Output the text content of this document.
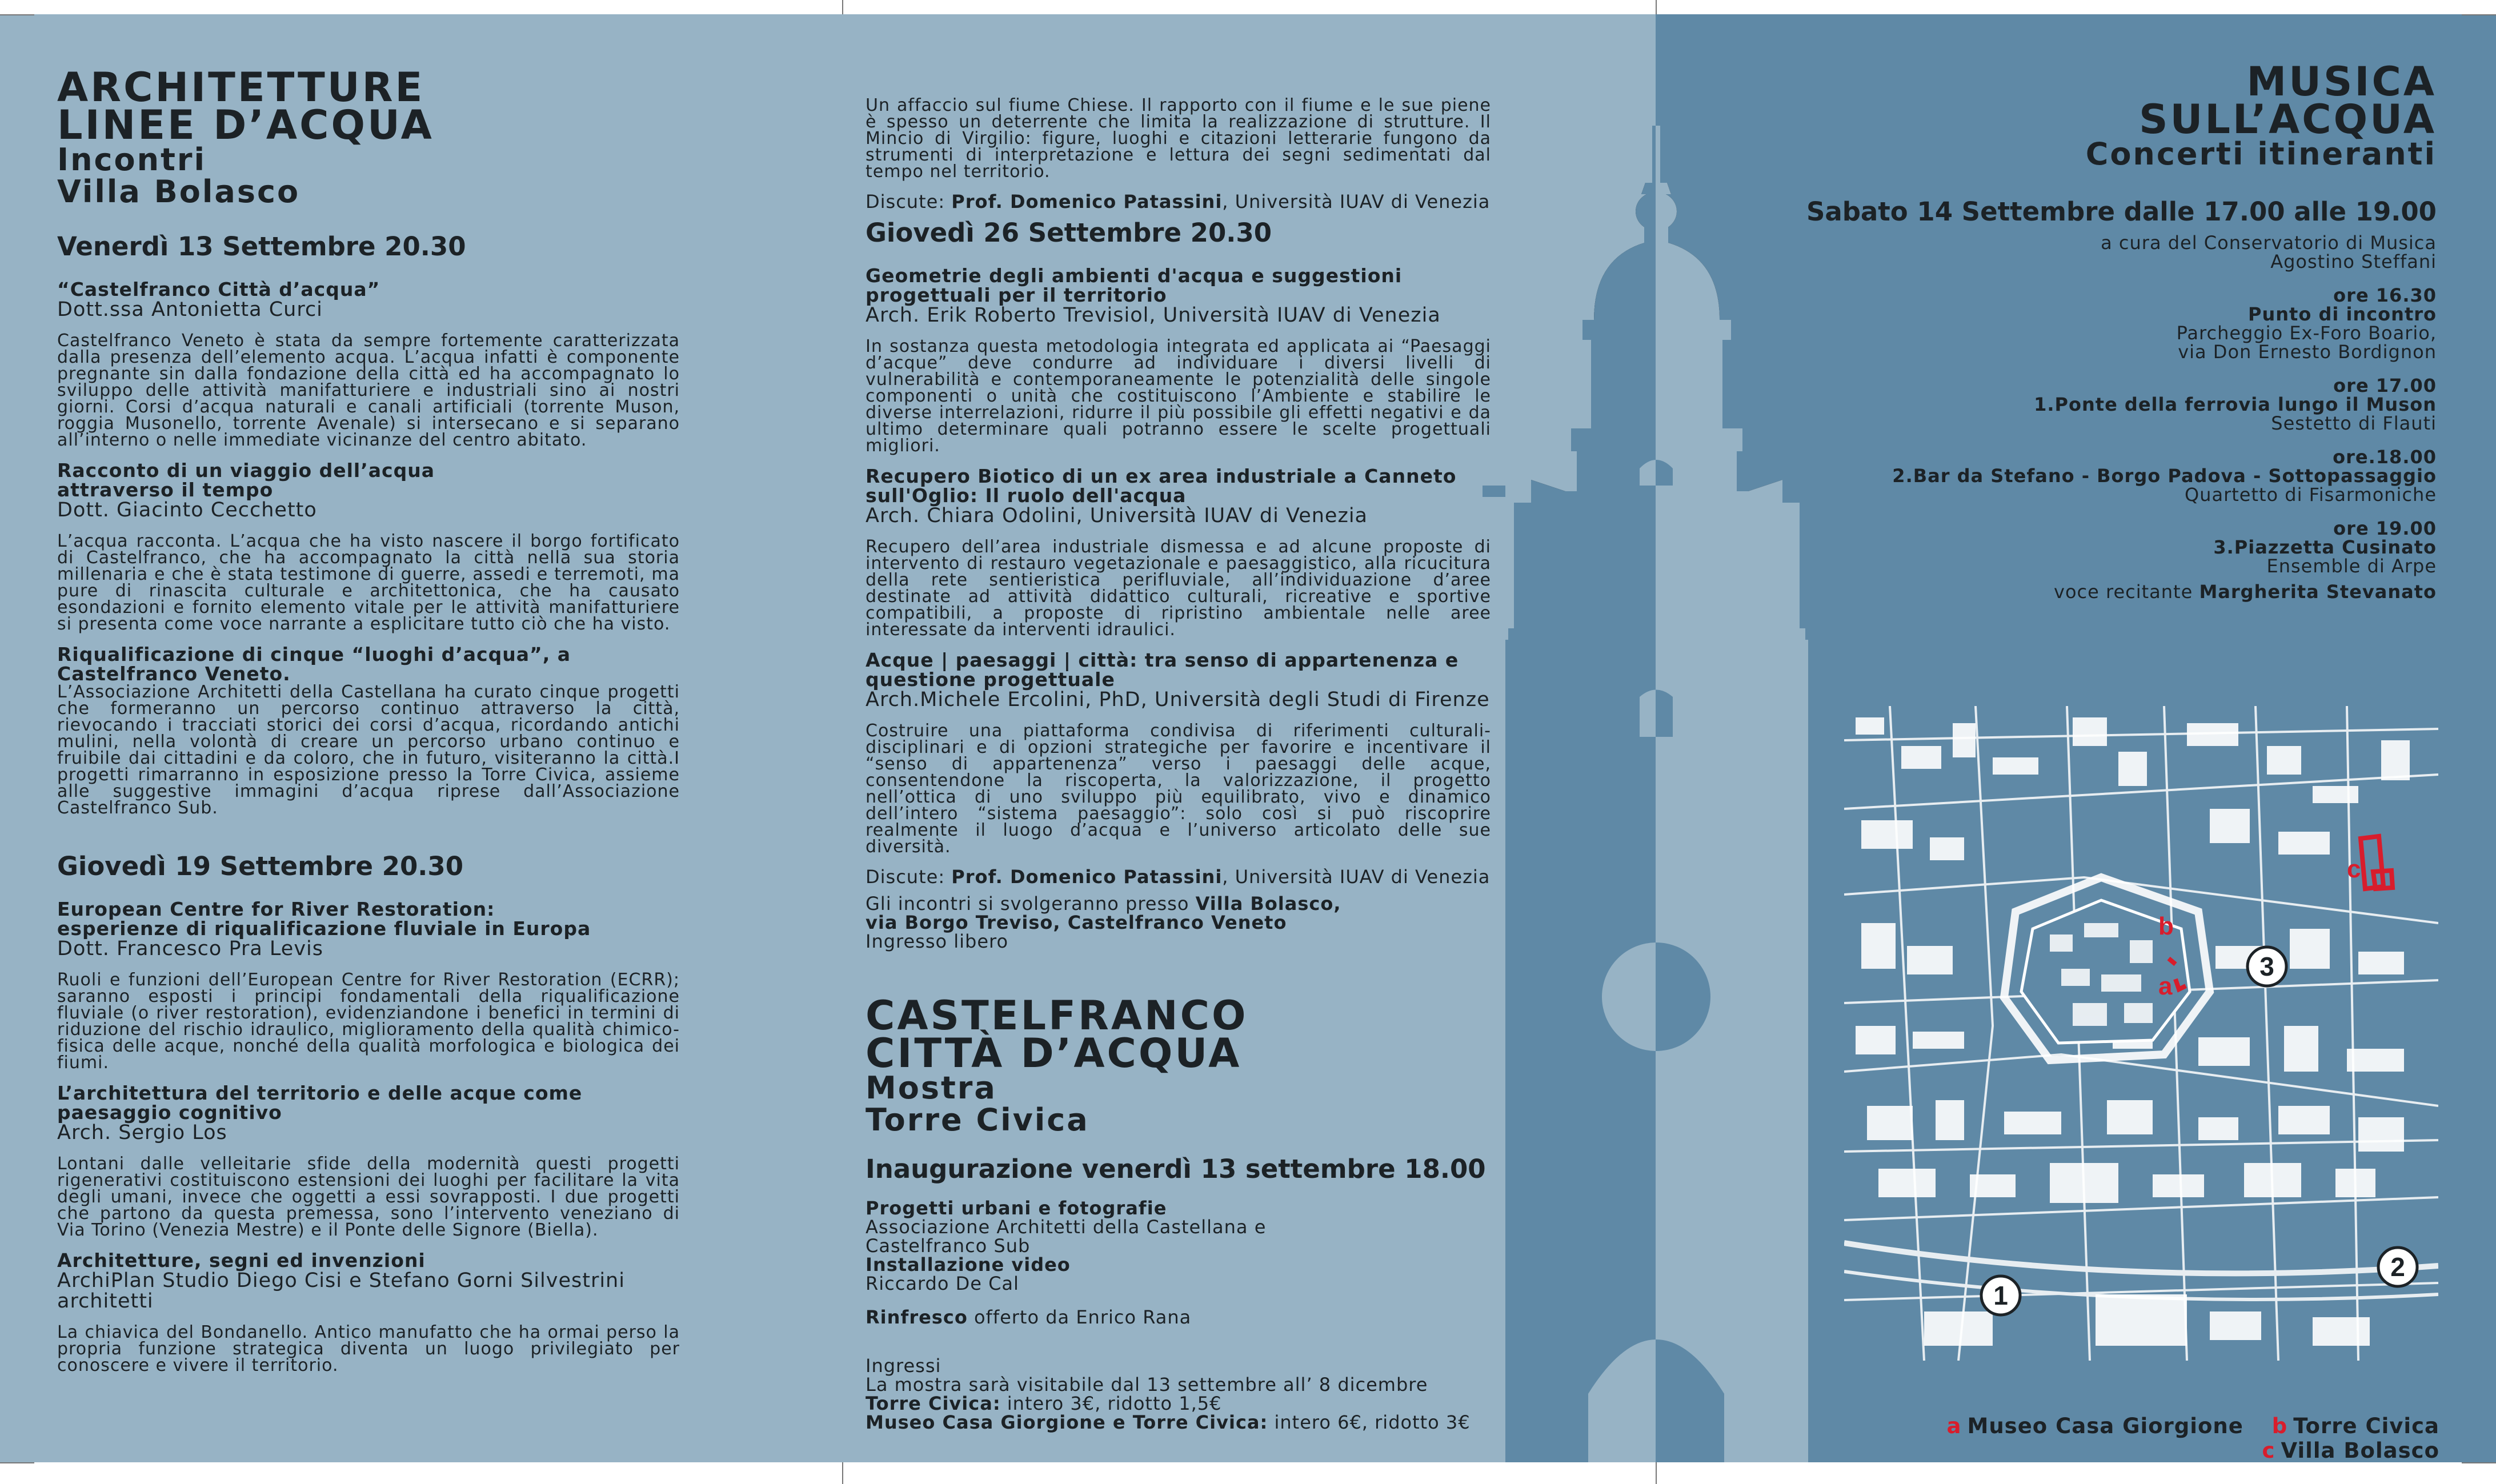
ARCHITETTURE
LINEE D’ACQUA
Incontri
Villa Bolasco
Venerdì 13 Settembre 20.30
“Castelfranco Città d’acqua”
Dott.ssa Antonietta Curci

Castelfranco Veneto è stata da sempre fortemente caratterizzata dalla presenza dell’elemento acqua. L’acqua infatti è componente pregnante sin dalla fondazione della città ed ha accompagnato lo sviluppo delle attività manifatturiere e industriali sino ai nostri giorni. Corsi d’acqua naturali e canali artificiali (torrente Muson, roggia Musonello, torrente Avenale) si intersecano e si separano all’interno o nelle immediate vicinanze del centro abitato.

Racconto di un viaggio dell’acqua
attraverso il tempo
Dott. Giacinto Cecchetto

L’acqua racconta. L’acqua che ha visto nascere il borgo fortificato di Castelfranco, che ha accompagnato la città nella sua storia millenaria e che è stata testimone di guerre, assedi e terremoti, ma pure di rinascita culturale e architettonica, che ha causato esondazioni e fornito elemento vitale per le attività manifatturiere si presenta come voce narrante a esplicitare tutto ciò che ha visto.

Riqualificazione di cinque “luoghi d’acqua”, a
Castelfranco Veneto.

L’Associazione Architetti della Castellana ha curato cinque progetti che formeranno un percorso continuo attraverso la città, rievocando i tracciati storici dei corsi d’acqua, ricordando antichi mulini, nella volontà di creare un percorso urbano continuo e fruibile dai cittadini e da coloro, che in futuro, visiteranno la città.I progetti rimarranno in esposizione presso la Torre Civica, assieme alle suggestive immagini d’acqua riprese dall’Associazione Castelfranco Sub.

Giovedì 19 Settembre 20.30
European Centre for River Restoration:
esperienze di riqualificazione fluviale in Europa
Dott. Francesco Pra Levis

Ruoli e funzioni dell’European Centre for River Restoration (ECRR); saranno esposti i principi fondamentali della riqualificazione fluviale (o river restoration), evidenziandone i benefici in termini di riduzione del rischio idraulico, miglioramento della qualità chimico-fisica delle acque, nonché della qualità morfologica e biologica dei fiumi.

L’architettura del territorio e delle acque come
paesaggio cognitivo
Arch. Sergio Los

Lontani dalle velleitarie sfide della modernità questi progetti rigenerativi costituiscono estensioni dei luoghi per facilitare la vita degli umani, invece che oggetti a essi sovrapposti. I due progetti che partono da questa premessa, sono l’intervento veneziano di Via Torino (Venezia Mestre) e il Ponte delle Signore (Biella).

Architetture, segni ed invenzioni
ArchiPlan Studio Diego Cisi e Stefano Gorni Silvestrini
architetti

La chiavica del Bondanello. Antico manufatto che ha ormai perso la propria funzione strategica diventa un luogo privilegiato per conoscere e vivere il territorio.

Un affaccio sul fiume Chiese. Il rapporto con il fiume e le sue piene è spesso un deterrente che limita la realizzazione di strutture. Il Mincio di Virgilio: figure, luoghi e citazioni letterarie fungono da strumenti di interpretazione e lettura dei segni sedimentati dal tempo nel territorio.

Discute: Prof. Domenico Patassini, Università IUAV di Venezia
Giovedì 26 Settembre 20.30
Geometrie degli ambienti d'acqua e suggestioni
progettuali per il territorio
Arch. Erik Roberto Trevisiol, Università IUAV di Venezia

In sostanza questa metodologia integrata ed applicata ai “Paesaggi d’acque” deve condurre ad individuare i diversi livelli di vulnerabilità e contemporaneamente le potenzialità delle singole componenti o unità che costituiscono l’Ambiente e stabilire le diverse interrelazioni, ridurre il più possibile gli effetti negativi e da ultimo determinare quali potranno essere le scelte progettuali migliori.

Recupero Biotico di un ex area industriale a Canneto
sull'Oglio: Il ruolo dell'acqua
Arch. Chiara Odolini, Università IUAV di Venezia

Recupero dell’area industriale dismessa e ad alcune proposte di intervento di restauro vegetazionale e paesaggistico, alla ricucitura della rete sentieristica perifluviale, all’individuazione d’aree destinate ad attività didattico culturali, ricreative e sportive compatibili, a proposte di ripristino ambientale nelle aree interessate da interventi idraulici.

Acque | paesaggi | città: tra senso di appartenenza e
questione progettuale
Arch.Michele Ercolini, PhD, Università degli Studi di Firenze

Costruire una piattaforma condivisa di riferimenti culturali-disciplinari e di opzioni strategiche per favorire e incentivare il “senso di appartenenza” verso i paesaggi delle acque, consentendone la riscoperta, la valorizzazione, il progetto nell’ottica di uno sviluppo più equilibrato, vivo e dinamico dell’intero “sistema paesaggio”: solo così si può riscoprire realmente il luogo d’acqua e l’universo articolato delle sue diversità.

Discute: Prof. Domenico Patassini, Università IUAV di Venezia
Gli incontri si svolgeranno presso Villa Bolasco,
via Borgo Treviso, Castelfranco Veneto
Ingresso libero
CASTELFRANCO
CITTÀ D’ACQUA
Mostra
Torre Civica
Inaugurazione venerdì 13 settembre 18.00
Progetti urbani e fotografie
Associazione Architetti della Castellana e
Castelfranco Sub
Installazione video
Riccardo De Cal
Rinfresco offerto da Enrico Rana
Ingressi
La mostra sarà visitabile dal 13 settembre all’ 8 dicembre
Torre Civica: intero 3€, ridotto 1,5€
Museo Casa Giorgione e Torre Civica: intero 6€, ridotto 3€
MUSICA
SULL’ACQUA
Concerti itineranti
Sabato 14 Settembre dalle 17.00 alle 19.00
a cura del Conservatorio di Musica
Agostino Steffani
ore 16.30
Punto di incontro
Parcheggio Ex-Foro Boario,
via Don Ernesto Bordignon
ore 17.00
1.Ponte della ferrovia lungo il Muson
Sestetto di Flauti
ore.18.00
2.Bar da Stefano - Borgo Padova - Sottopassaggio
Quartetto di Fisarmoniche
ore 19.00
3.Piazzetta Cusinato
Ensemble di Arpe
voce recitante Margherita Stevanato
a
b
c
1
2
3
a Museo Casa Giorgione b Torre Civica c Villa Bolasco
